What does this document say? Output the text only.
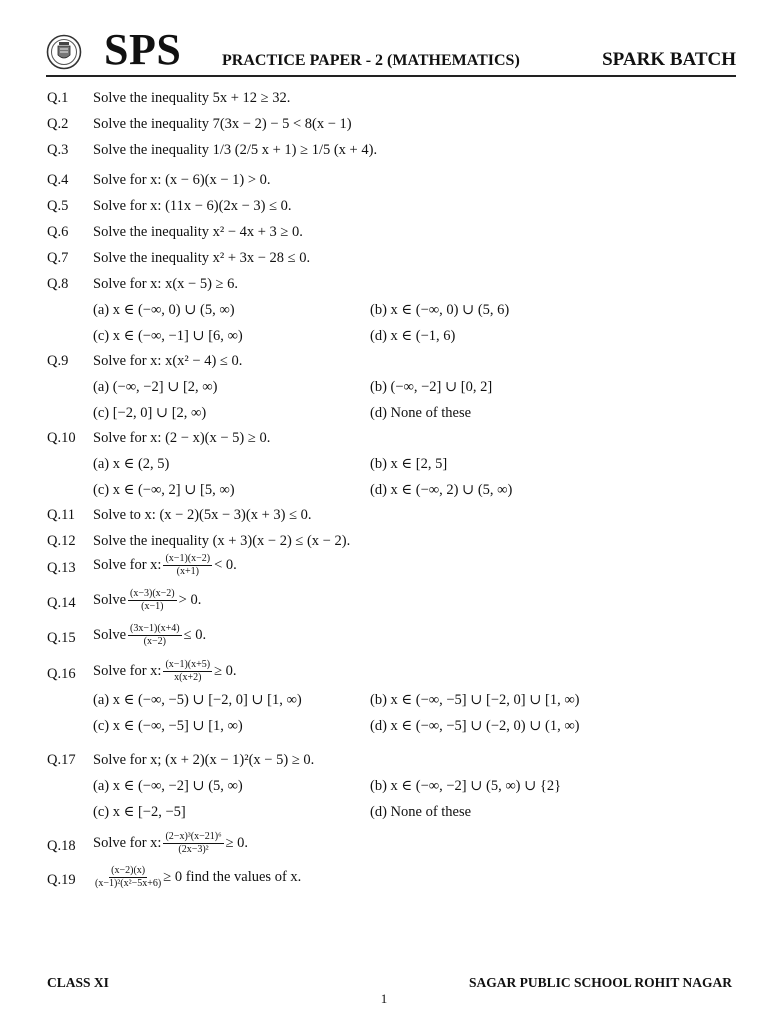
SPS	PRACTICE PAPER - 2 (MATHEMATICS)	SPARK BATCH
Q.1 Solve the inequality 5x + 12 ≥ 32.
Q.2 Solve the inequality 7(3x − 2) − 5 < 8(x − 1)
Q.3 Solve the inequality 1/3 (2/5 x + 1) ≥ 1/5 (x + 4).
Q.4 Solve for x: (x − 6)(x − 1) > 0.
Q.5 Solve for x: (11x − 6)(2x − 3) ≤ 0.
Q.6 Solve the inequality x² − 4x + 3 ≥ 0.
Q.7 Solve the inequality x² + 3x − 28 ≤ 0.
Q.8 Solve for x: x(x − 5) ≥ 6.
(a) x ∈ (−∞, 0) ∪ (5, ∞)	(b) x ∈ (−∞, 0) ∪ (5, 6)
(c) x ∈ (−∞, −1] ∪ [6, ∞)	(d) x ∈ (−1, 6)
Q.9 Solve for x: x(x² − 4) ≤ 0.
(a) (−∞, −2] ∪ [2, ∞)	(b) (−∞, −2] ∪ [0, 2]
(c) [−2, 0] ∪ [2, ∞)	(d) None of these
Q.10 Solve for x: (2 − x)(x − 5) ≥ 0.
(a) x ∈ (2, 5)	(b) x ∈ [2, 5]
(c) x ∈ (−∞, 2] ∪ [5, ∞)	(d) x ∈ (−∞, 2) ∪ (5, ∞)
Q.11 Solve to x: (x − 2)(5x − 3)(x + 3) ≤ 0.
Q.12 Solve the inequality (x + 3)(x − 2) ≤ (x − 2).
Q.13 Solve for x: $\frac{(x-1)(x-2)}{(x+1)} < 0$.
Q.14 Solve $\frac{(x-3)(x-2)}{(x-1)} > 0$.
Q.15 Solve $\frac{(3x-1)(x+4)}{(x-2)} \le 0$.
Q.16 Solve for x: $\frac{(x-1)(x+5)}{x(x+2)} \ge 0$.
(a) x ∈ (−∞, −5) ∪ [−2, 0] ∪ [1, ∞)	(b) x ∈ (−∞, −5] ∪ [−2, 0] ∪ [1, ∞)
(c) x ∈ (−∞, −5] ∪ [1, ∞)	(d) x ∈ (−∞, −5] ∪ (−2, 0) ∪ (1, ∞)
Q.17 Solve for x; (x + 2)(x − 1)²(x − 5) ≥ 0.
(a) x ∈ (−∞, −2] ∪ (5, ∞)	(b) x ∈ (−∞, −2] ∪ (5, ∞) ∪ {2}
(c) x ∈ [−2, −5]	(d) None of these
Q.18 Solve for x: $\frac{\text{(2−x)³(x−21)⁶}}{\text{(2x−3)²}} \ge 0$.
$Q.19 \frac{(x-2)(x)}{\text{(x−1)²(x²−5x+6)}} \ge 0$ find the values of x.
CLASS XI	SAGAR PUBLIC SCHOOL ROHIT NAGAR
1
